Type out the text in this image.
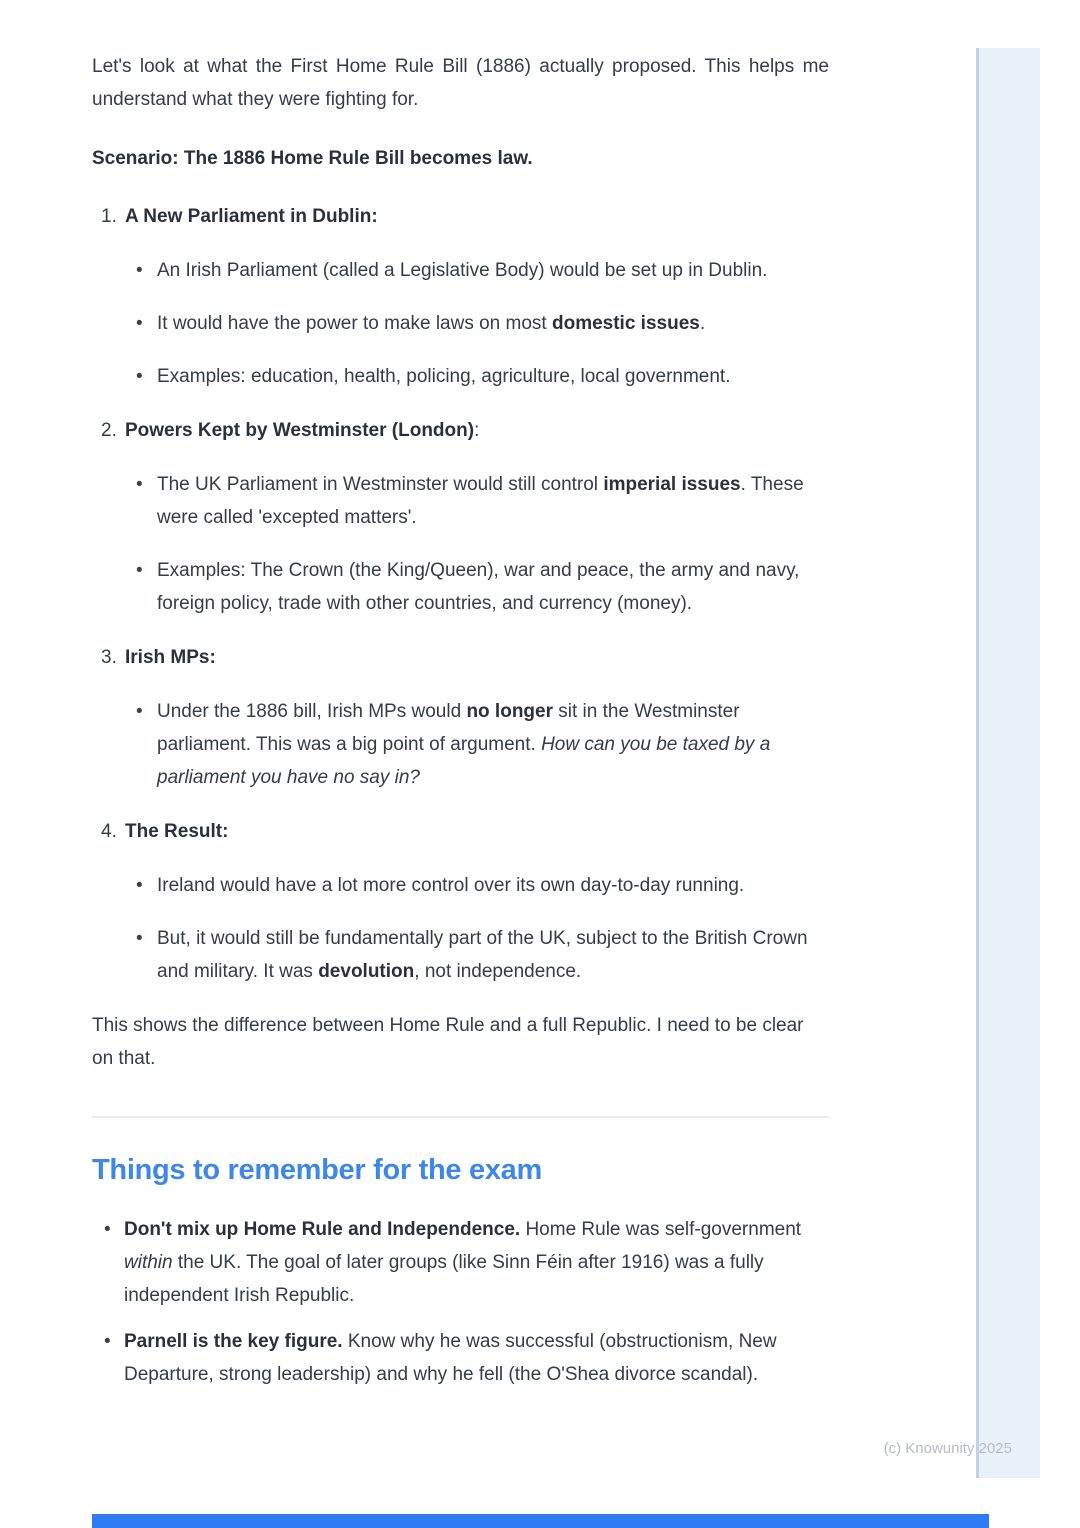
Let's look at what the First Home Rule Bill (1886) actually proposed. This helps me understand what they were fighting for.

Scenario: The 1886 Home Rule Bill becomes law.

1. A New Parliament in Dublin:
• An Irish Parliament (called a Legislative Body) would be set up in Dublin.
• It would have the power to make laws on most domestic issues.
• Examples: education, health, policing, agriculture, local government.
2. Powers Kept by Westminster (London):
• The UK Parliament in Westminster would still control imperial issues. These were called 'excepted matters'.
• Examples: The Crown (the King/Queen), war and peace, the army and navy, foreign policy, trade with other countries, and currency (money).
3. Irish MPs:
• Under the 1886 bill, Irish MPs would no longer sit in the Westminster parliament. This was a big point of argument. How can you be taxed by a parliament you have no say in?
4. The Result:
• Ireland would have a lot more control over its own day-to-day running.
• But, it would still be fundamentally part of the UK, subject to the British Crown and military. It was devolution, not independence.

This shows the difference between Home Rule and a full Republic. I need to be clear on that.

Things to remember for the exam
• Don't mix up Home Rule and Independence. Home Rule was self-government within the UK. The goal of later groups (like Sinn Féin after 1916) was a fully independent Irish Republic.
• Parnell is the key figure. Know why he was successful (obstructionism, New Departure, strong leadership) and why he fell (the O'Shea divorce scandal).
(c) Knowunity 2025
